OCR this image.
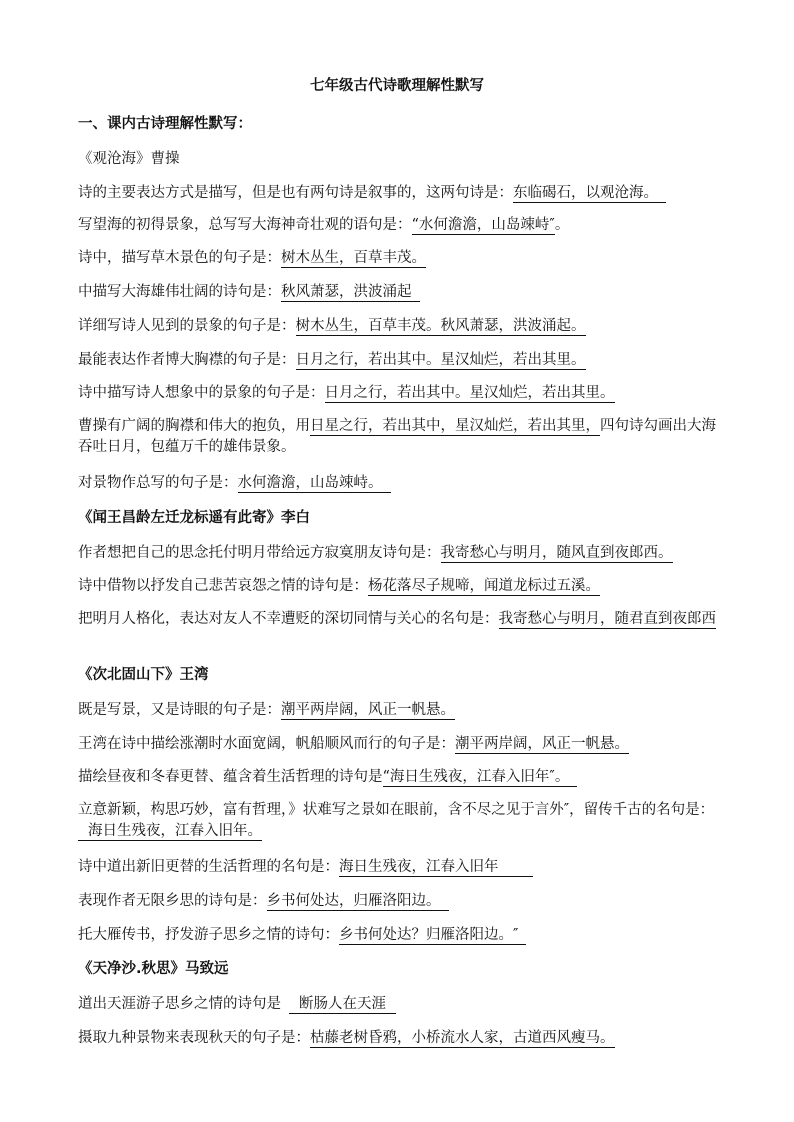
七年级古代诗歌理解性默写
一、课内古诗理解性默写：
《观沧海》曹操
诗的主要表达方式是描写，但是也有两句诗是叙事的，这两句诗是：东临碣石，以观沧海。
写望海的初得景象，总写写大海神奇壮观的语句是：“水何澹澹，山岛竦峙″。
诗中，描写草木景色的句子是：树木丛生，百草丰茂。
中描写大海雄伟壮阔的诗句是：秋风萧瑟，洪波涌起
详细写诗人见到的景象的句子是：树木丛生，百草丰茂。秋风萧瑟，洪波涌起。
最能表达作者博大胸襟的句子是：日月之行，若出其中。星汉灿烂，若出其里。
诗中描写诗人想象中的景象的句子是：日月之行，若出其中。星汉灿烂，若出其里。
曹操有广阔的胸襟和伟大的抱负，用日星之行，若出其中，星汉灿烂，若出其里，四句诗勾画出大海吞吐日月，包蕴万千的雄伟景象。
对景物作总写的句子是：水何澹澹，山岛竦峙。
《闻王昌龄左迁龙标遥有此寄》李白
作者想把自己的思念托付明月带给远方寂寞朋友诗句是：我寄愁心与明月，随风直到夜郎西。
诗中借物以抒发自己悲苦哀怨之情的诗句是：杨花落尽子规啼，闻道龙标过五溪。
把明月人格化，表达对友人不幸遭贬的深切同情与关心的名句是：我寄愁心与明月，随君直到夜郎西
《次北固山下》王湾
既是写景，又是诗眼的句子是：潮平两岸阔，风正一帆悬。
王湾在诗中描绘涨潮时水面宽阔，帆船顺风而行的句子是：潮平两岸阔，风正一帆悬。
描绘昼夜和冬春更替、蕴含着生活哲理的诗句是“海日生残夜，江春入旧年″。
立意新颖，构思巧妙，富有哲理，》状难写之景如在眼前，含不尽之见于言外″，留传千古的名句是：海日生残夜，江春入旧年。
诗中道出新旧更替的生活哲理的名句是：海日生残夜，江春入旧年
表现作者无限乡思的诗句是：乡书何处达，归雁洛阳边。
托大雁传书，抒发游子思乡之情的诗句：乡书何处达？归雁洛阳边。″
《天净沙.秋思》马致远
道出天涯游子思乡之情的诗句是 断肠人在天涯
摄取九种景物来表现秋天的句子是：枯藤老树昏鸦，小桥流水人家，古道西风瘦马。
